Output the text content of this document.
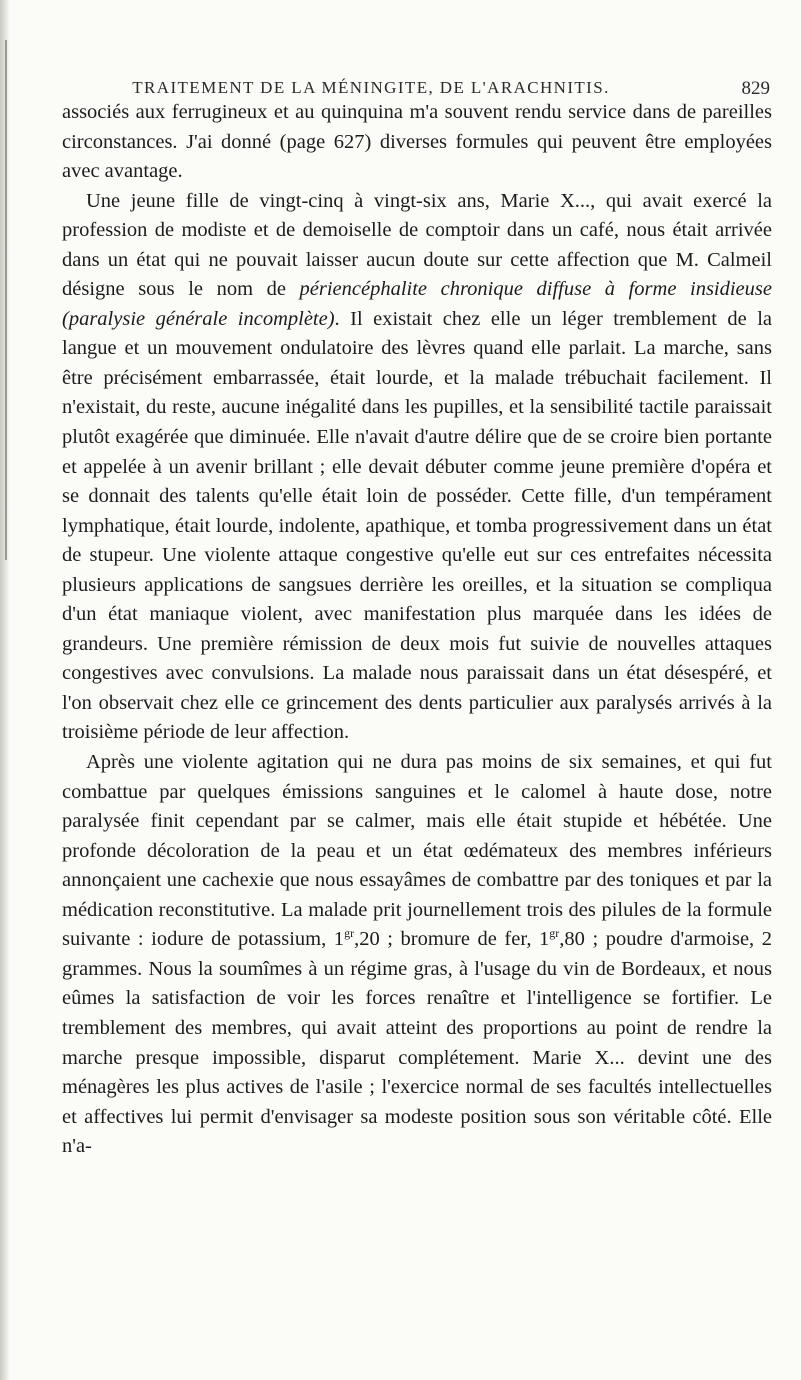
TRAITEMENT DE LA MÉNINGITE, DE L'ARACHNITIS.	829

associés aux ferrugineux et au quinquina m'a souvent rendu service dans de pareilles circonstances. J'ai donné (page 627) diverses formules qui peuvent être employées avec avantage.

Une jeune fille de vingt-cinq à vingt-six ans, Marie X..., qui avait exercé la profession de modiste et de demoiselle de comptoir dans un café, nous était arrivée dans un état qui ne pouvait laisser aucun doute sur cette affection que M. Calmeil désigne sous le nom de périencéphalite chronique diffuse à forme insidieuse (paralysie générale incomplète). Il existait chez elle un léger tremblement de la langue et un mouvement ondulatoire des lèvres quand elle parlait. La marche, sans être précisément embarrassée, était lourde, et la malade trébuchait facilement. Il n'existait, du reste, aucune inégalité dans les pupilles, et la sensibilité tactile paraissait plutôt exagérée que diminuée. Elle n'avait d'autre délire que de se croire bien portante et appelée à un avenir brillant ; elle devait débuter comme jeune première d'opéra et se donnait des talents qu'elle était loin de posséder. Cette fille, d'un tempérament lymphatique, était lourde, indolente, apathique, et tomba progressivement dans un état de stupeur. Une violente attaque congestive qu'elle eut sur ces entrefaites nécessita plusieurs applications de sangsues derrière les oreilles, et la situation se compliqua d'un état maniaque violent, avec manifestation plus marquée dans les idées de grandeurs. Une première rémission de deux mois fut suivie de nouvelles attaques congestives avec convulsions. La malade nous paraissait dans un état désespéré, et l'on observait chez elle ce grincement des dents particulier aux paralysés arrivés à la troisième période de leur affection.

Après une violente agitation qui ne dura pas moins de six semaines, et qui fut combattue par quelques émissions sanguines et le calomel à haute dose, notre paralysée finit cependant par se calmer, mais elle était stupide et hébétée. Une profonde décoloration de la peau et un état œdémateux des membres inférieurs annonçaient une cachexie que nous essayâmes de combattre par des toniques et par la médication reconstitutive. La malade prit journellement trois des pilules de la formule suivante : iodure de potassium, $1^{gr},20$ ; bromure de fer, $1^{gr},80$ ; poudre d'armoise, 2 grammes. Nous la soumîmes à un régime gras, à l'usage du vin de Bordeaux, et nous eûmes la satisfaction de voir les forces renaître et l'intelligence se fortifier. Le tremblement des membres, qui avait atteint des proportions au point de rendre la marche presque impossible, disparut complétement. Marie X... devint une des ménagères les plus actives de l'asile ; l'exercice normal de ses facultés intellectuelles et affectives lui permit d'envisager sa modeste position sous son véritable côté. Elle n'a-
